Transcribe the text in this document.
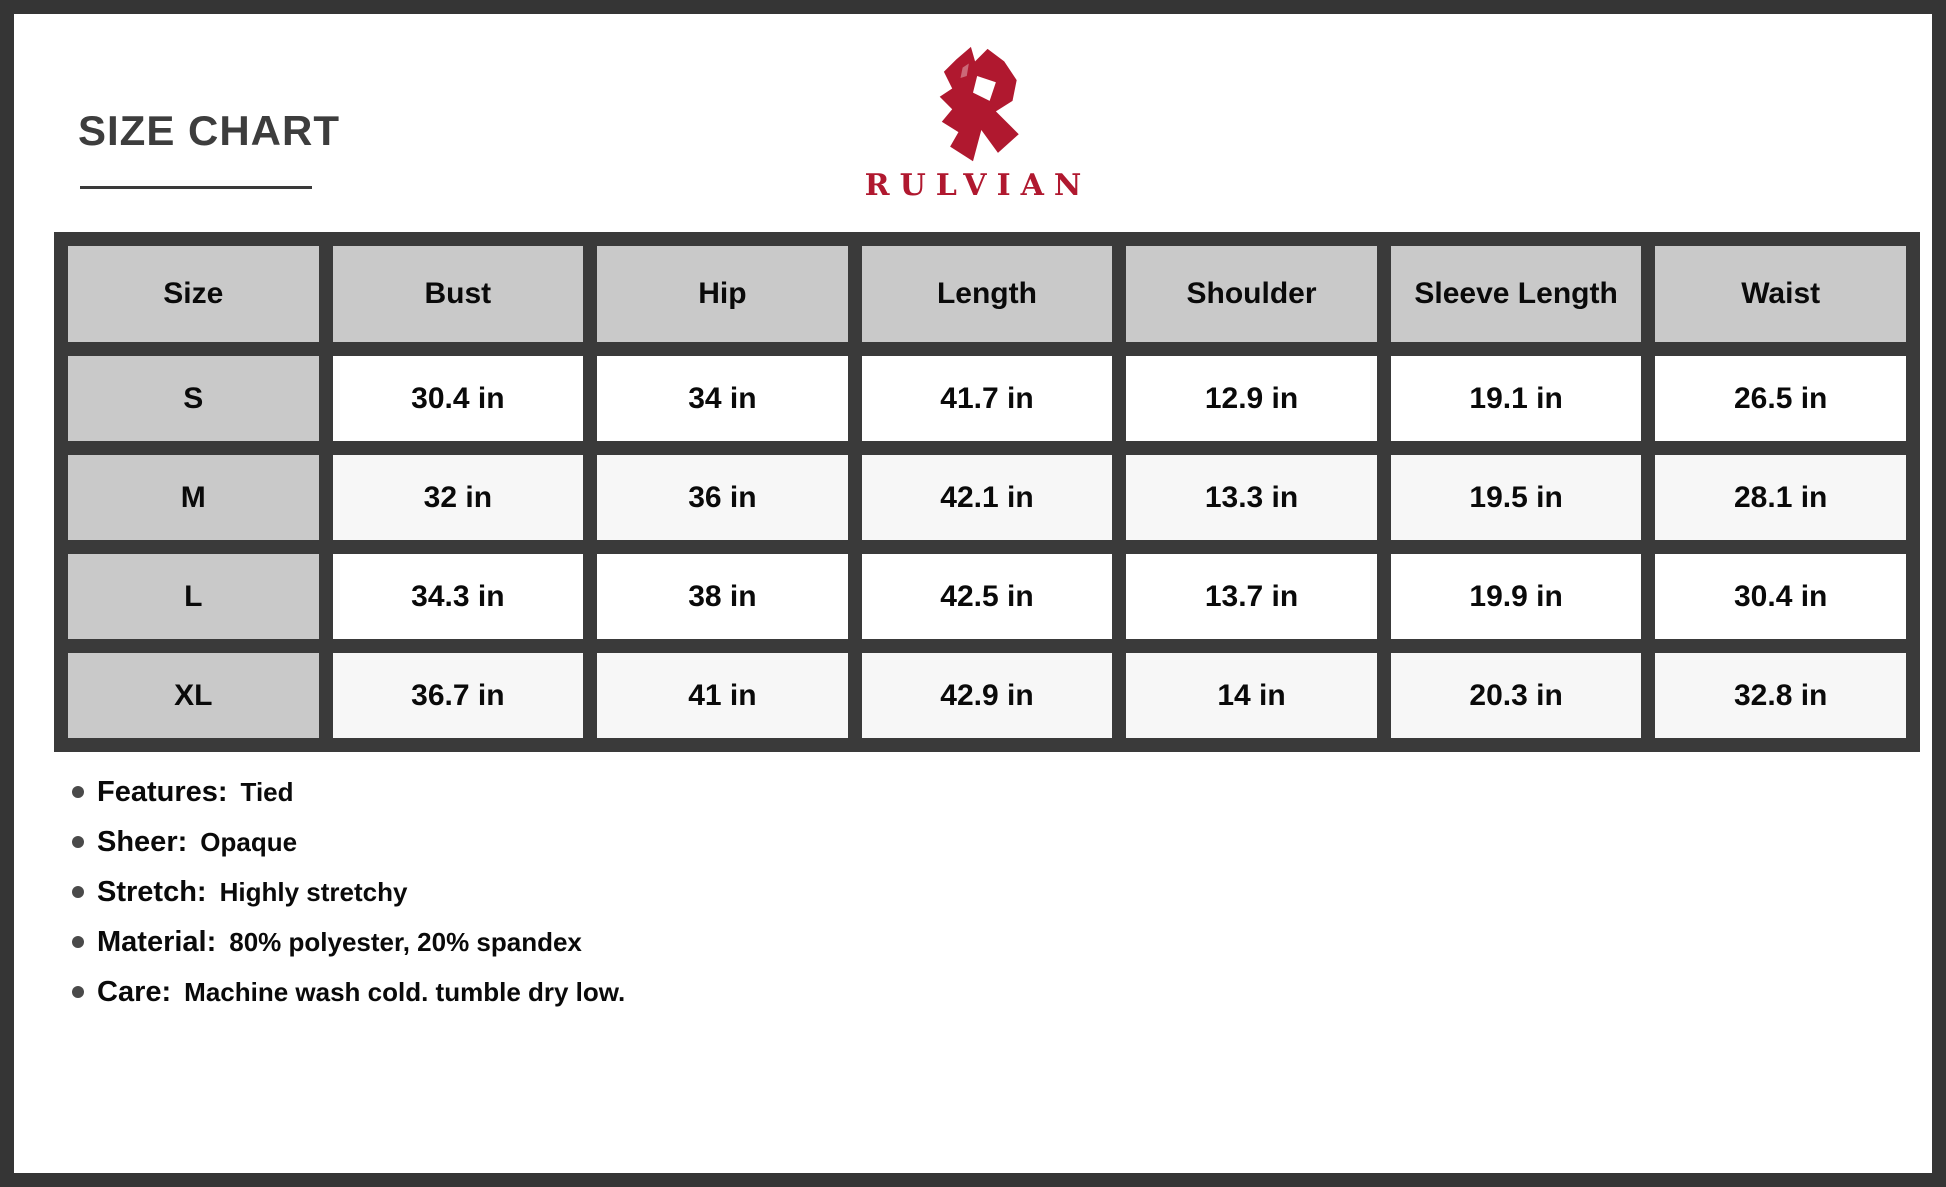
SIZE CHART
RULVIAN
Size	Bust	Hip	Length	Shoulder	Sleeve Length	Waist
S	30.4 in	34 in	41.7 in	12.9 in	19.1 in	26.5 in
M	32 in	36 in	42.1 in	13.3 in	19.5 in	28.1 in
L	34.3 in	38 in	42.5 in	13.7 in	19.9 in	30.4 in
XL	36.7 in	41 in	42.9 in	14 in	20.3 in	32.8 in
Features: Tied
Sheer: Opaque
Stretch: Highly stretchy
Material: 80% polyester, 20% spandex
Care: Machine wash cold. tumble dry low.
